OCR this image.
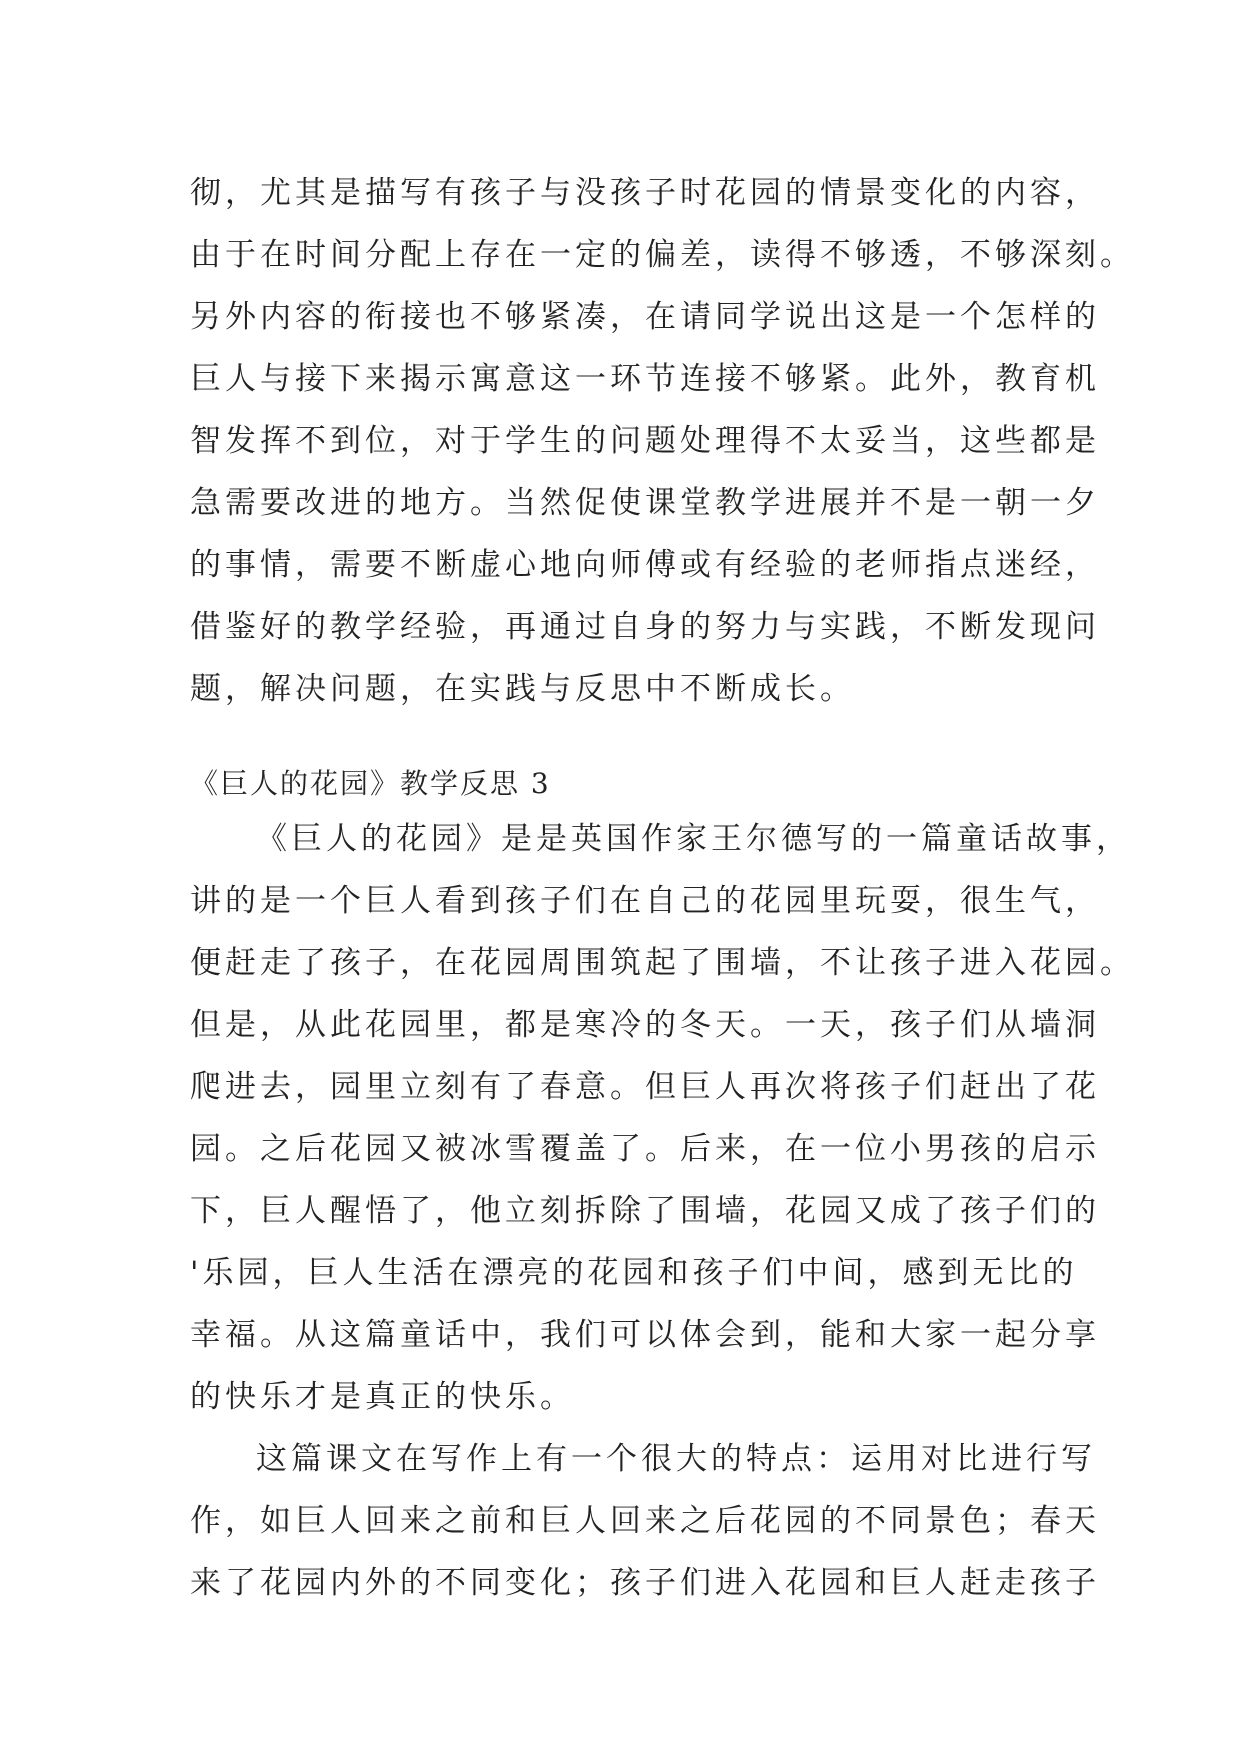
彻，尤其是描写有孩子与没孩子时花园的情景变化的内容，
由于在时间分配上存在一定的偏差，读得不够透，不够深刻。
另外内容的衔接也不够紧凑，在请同学说出这是一个怎样的
巨人与接下来揭示寓意这一环节连接不够紧。此外，教育机
智发挥不到位，对于学生的问题处理得不太妥当，这些都是
急需要改进的地方。当然促使课堂教学进展并不是一朝一夕
的事情，需要不断虚心地向师傅或有经验的老师指点迷经，
借鉴好的教学经验，再通过自身的努力与实践，不断发现问
题，解决问题，在实践与反思中不断成长。
《巨人的花园》教学反思 3
《巨人的花园》是是英国作家王尔德写的一篇童话故事，
讲的是一个巨人看到孩子们在自己的花园里玩耍，很生气，
便赶走了孩子，在花园周围筑起了围墙，不让孩子进入花园。
但是，从此花园里，都是寒冷的冬天。一天，孩子们从墙洞
爬进去，园里立刻有了春意。但巨人再次将孩子们赶出了花
园。之后花园又被冰雪覆盖了。后来，在一位小男孩的启示
下，巨人醒悟了，他立刻拆除了围墙，花园又成了孩子们的
'乐园，巨人生活在漂亮的花园和孩子们中间，感到无比的
幸福。从这篇童话中，我们可以体会到，能和大家一起分享
的快乐才是真正的快乐。
这篇课文在写作上有一个很大的特点：运用对比进行写
作，如巨人回来之前和巨人回来之后花园的不同景色；春天
来了花园内外的不同变化；孩子们进入花园和巨人赶走孩子
